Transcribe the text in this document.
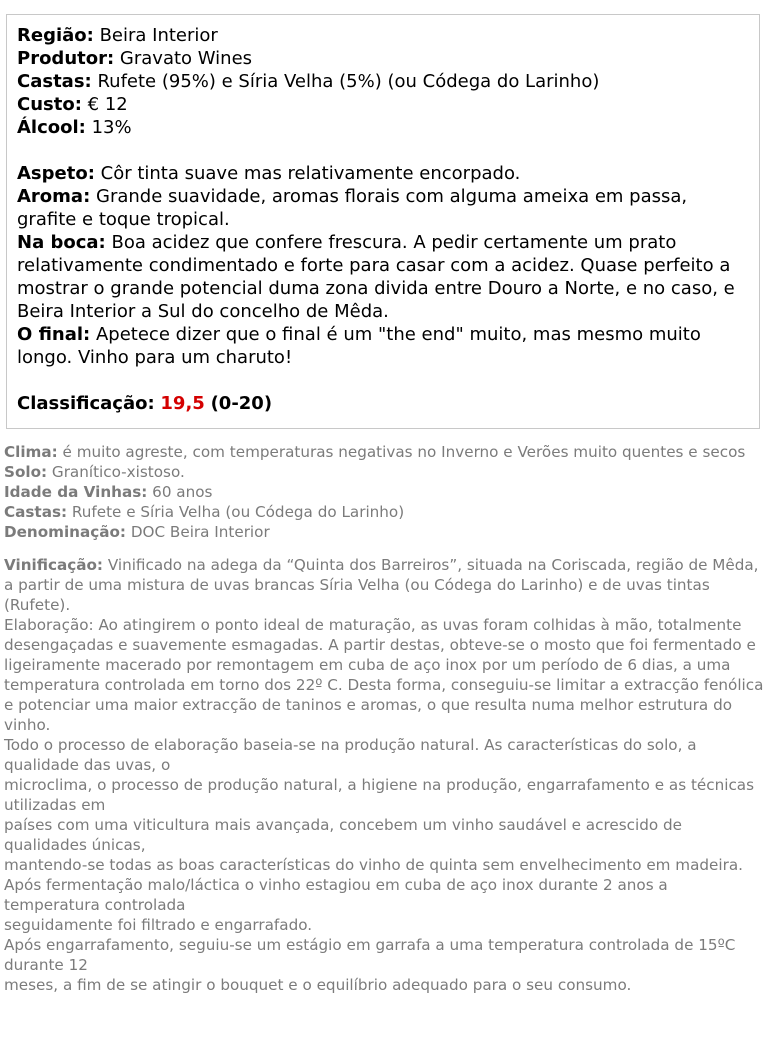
Região: Beira Interior
Produtor: Gravato Wines
Castas: Rufete (95%) e Síria Velha (5%) (ou Códega do Larinho)
Custo: € 12
Álcool: 13%
Aspeto: Côr tinta suave mas relativamente encorpado.
Aroma: Grande suavidade, aromas florais com alguma ameixa em passa, grafite e toque tropical.
Na boca: Boa acidez que confere frescura. A pedir certamente um prato relativamente condimentado e forte para casar com a acidez. Quase perfeito a mostrar o grande potencial duma zona divida entre Douro a Norte, e no caso, e Beira Interior a Sul do concelho de Mêda.
O final: Apetece dizer que o final é um "the end" muito, mas mesmo muito longo. Vinho para um charuto!
Classificação: 19,5 (0-20)
Clima: é muito agreste, com temperaturas negativas no Inverno e Verões muito quentes e secos
Solo: Granítico-xistoso.
Idade da Vinhas: 60 anos
Castas: Rufete e Síria Velha (ou Códega do Larinho)
Denominação: DOC Beira Interior
Vinificação: Vinificado na adega da “Quinta dos Barreiros”, situada na Coriscada, região de Mêda, a partir de uma mistura de uvas brancas Síria Velha (ou Códega do Larinho) e de uvas tintas (Rufete).
Elaboração: Ao atingirem o ponto ideal de maturação, as uvas foram colhidas à mão, totalmente desengaçadas e suavemente esmagadas. A partir destas, obteve-se o mosto que foi fermentado e ligeiramente macerado por remontagem em cuba de aço inox por um período de 6 dias, a uma temperatura controlada em torno dos 22º C. Desta forma, conseguiu-se limitar a extracção fenólica e potenciar uma maior extracção de taninos e aromas, o que resulta numa melhor estrutura do vinho.
Todo o processo de elaboração baseia-se na produção natural. As características do solo, a qualidade das uvas, o
microclima, o processo de produção natural, a higiene na produção, engarrafamento e as técnicas utilizadas em
países com uma viticultura mais avançada, concebem um vinho saudável e acrescido de qualidades únicas,
mantendo-se todas as boas características do vinho de quinta sem envelhecimento em madeira.
Após fermentação malo/láctica o vinho estagiou em cuba de aço inox durante 2 anos a temperatura controlada
seguidamente foi filtrado e engarrafado.
Após engarrafamento, seguiu-se um estágio em garrafa a uma temperatura controlada de 15ºC durante 12
meses, a fim de se atingir o bouquet e o equilíbrio adequado para o seu consumo.
